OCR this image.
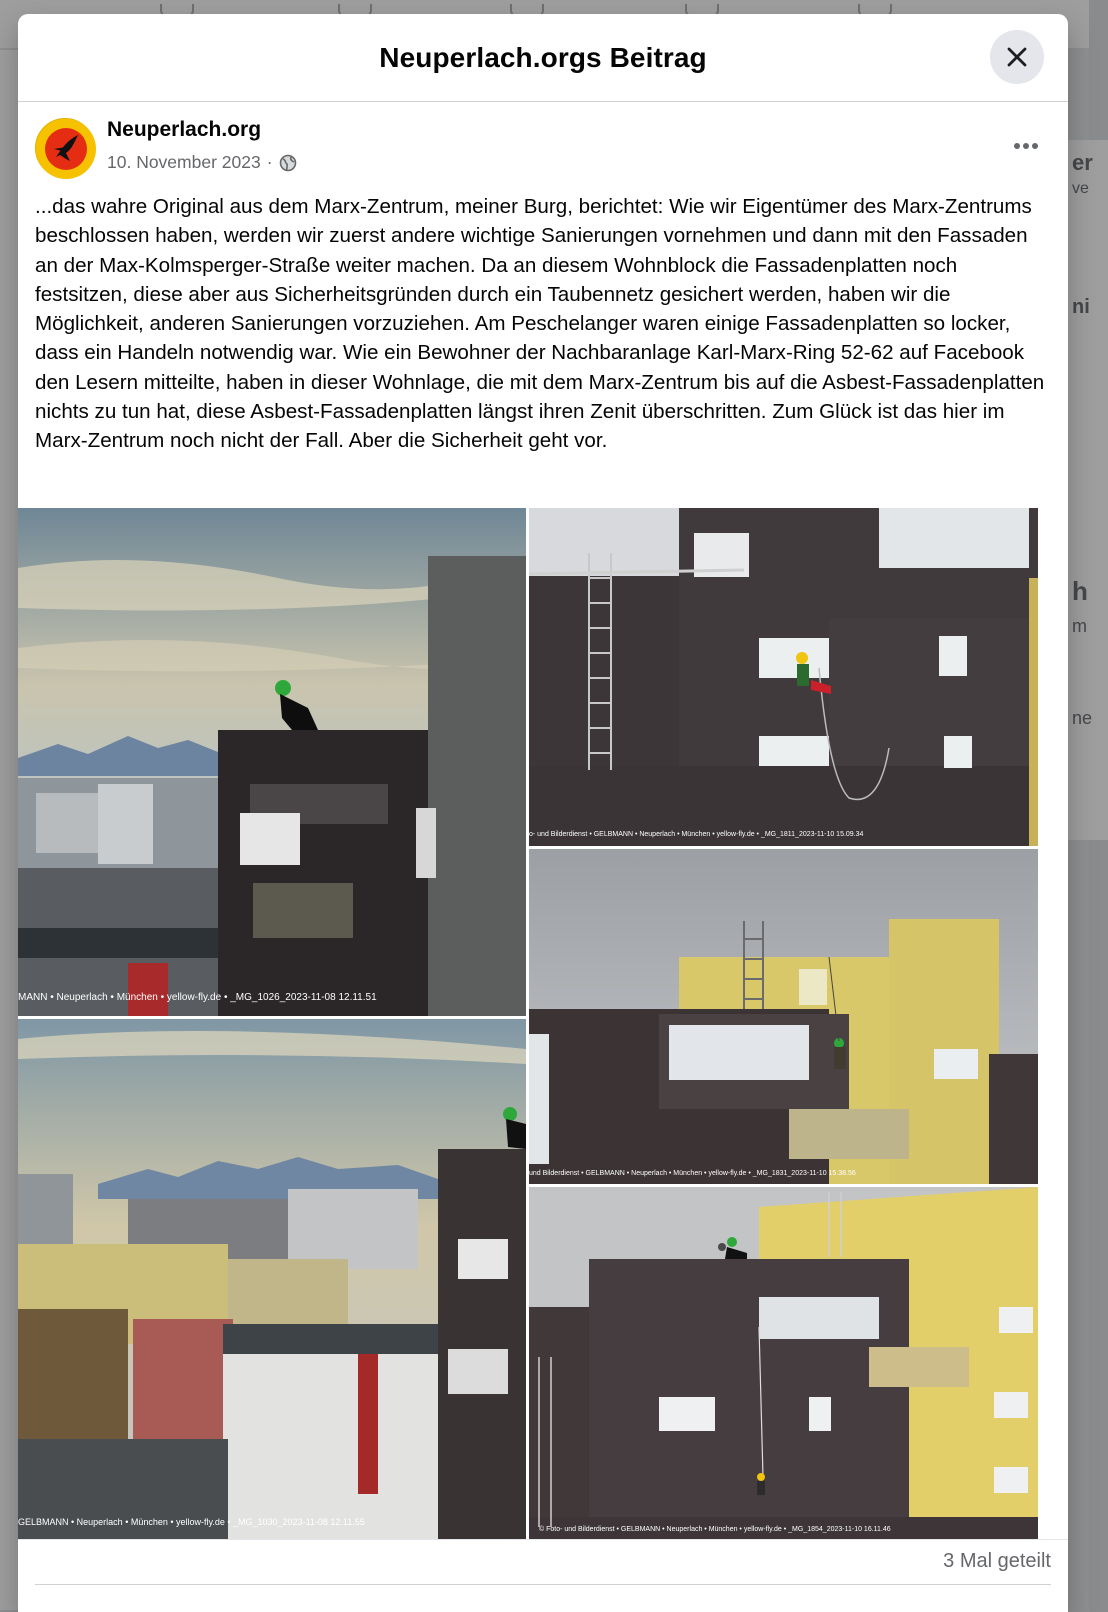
er
ve
ni
h
m
ne
Neuperlach.orgs Beitrag
Neuperlach.org
10. November 2023 ·
...das wahre Original aus dem Marx-Zentrum, meiner Burg, berichtet: Wie wir Eigentümer des Marx-Zentrums beschlossen haben, werden wir zuerst andere wichtige Sanierungen vornehmen und dann mit den Fassaden an der Max-Kolmsperger-Straße weiter machen. Da an diesem Wohnblock die Fassadenplatten noch festsitzen, diese aber aus Sicherheitsgründen durch ein Taubennetz gesichert werden, haben wir die Möglichkeit, anderen Sanierungen vorzuziehen. Am Peschelanger waren einige Fassadenplatten so locker, dass ein Handeln notwendig war. Wie ein Bewohner der Nachbaranlage Karl-Marx-Ring 52-62 auf Facebook den Lesern mitteilte, haben in dieser Wohnlage, die mit dem Marx-Zentrum bis auf die Asbest-Fassadenplatten nichts zu tun hat, diese Asbest-Fassadenplatten längst ihren Zenit überschritten. Zum Glück ist das hier im Marx-Zentrum noch nicht der Fall. Aber die Sicherheit geht vor.
MANN • Neuperlach • München • yellow-fly.de • _MG_1026_2023-11-08 12.11.51
o- und Bilderdienst • GELBMANN • Neuperlach • München • yellow-fly.de • _MG_1811_2023-11-10 15.09.34
und Bilderdienst • GELBMANN • Neuperlach • München • yellow-fly.de • _MG_1831_2023-11-10 15.38.56
GELBMANN • Neuperlach • München • yellow-fly.de • _MG_1030_2023-11-08 12.11.55
© Foto- und Bilderdienst • GELBMANN • Neuperlach • München • yellow-fly.de • _MG_1854_2023-11-10 16.11.46
3 Mal geteilt
